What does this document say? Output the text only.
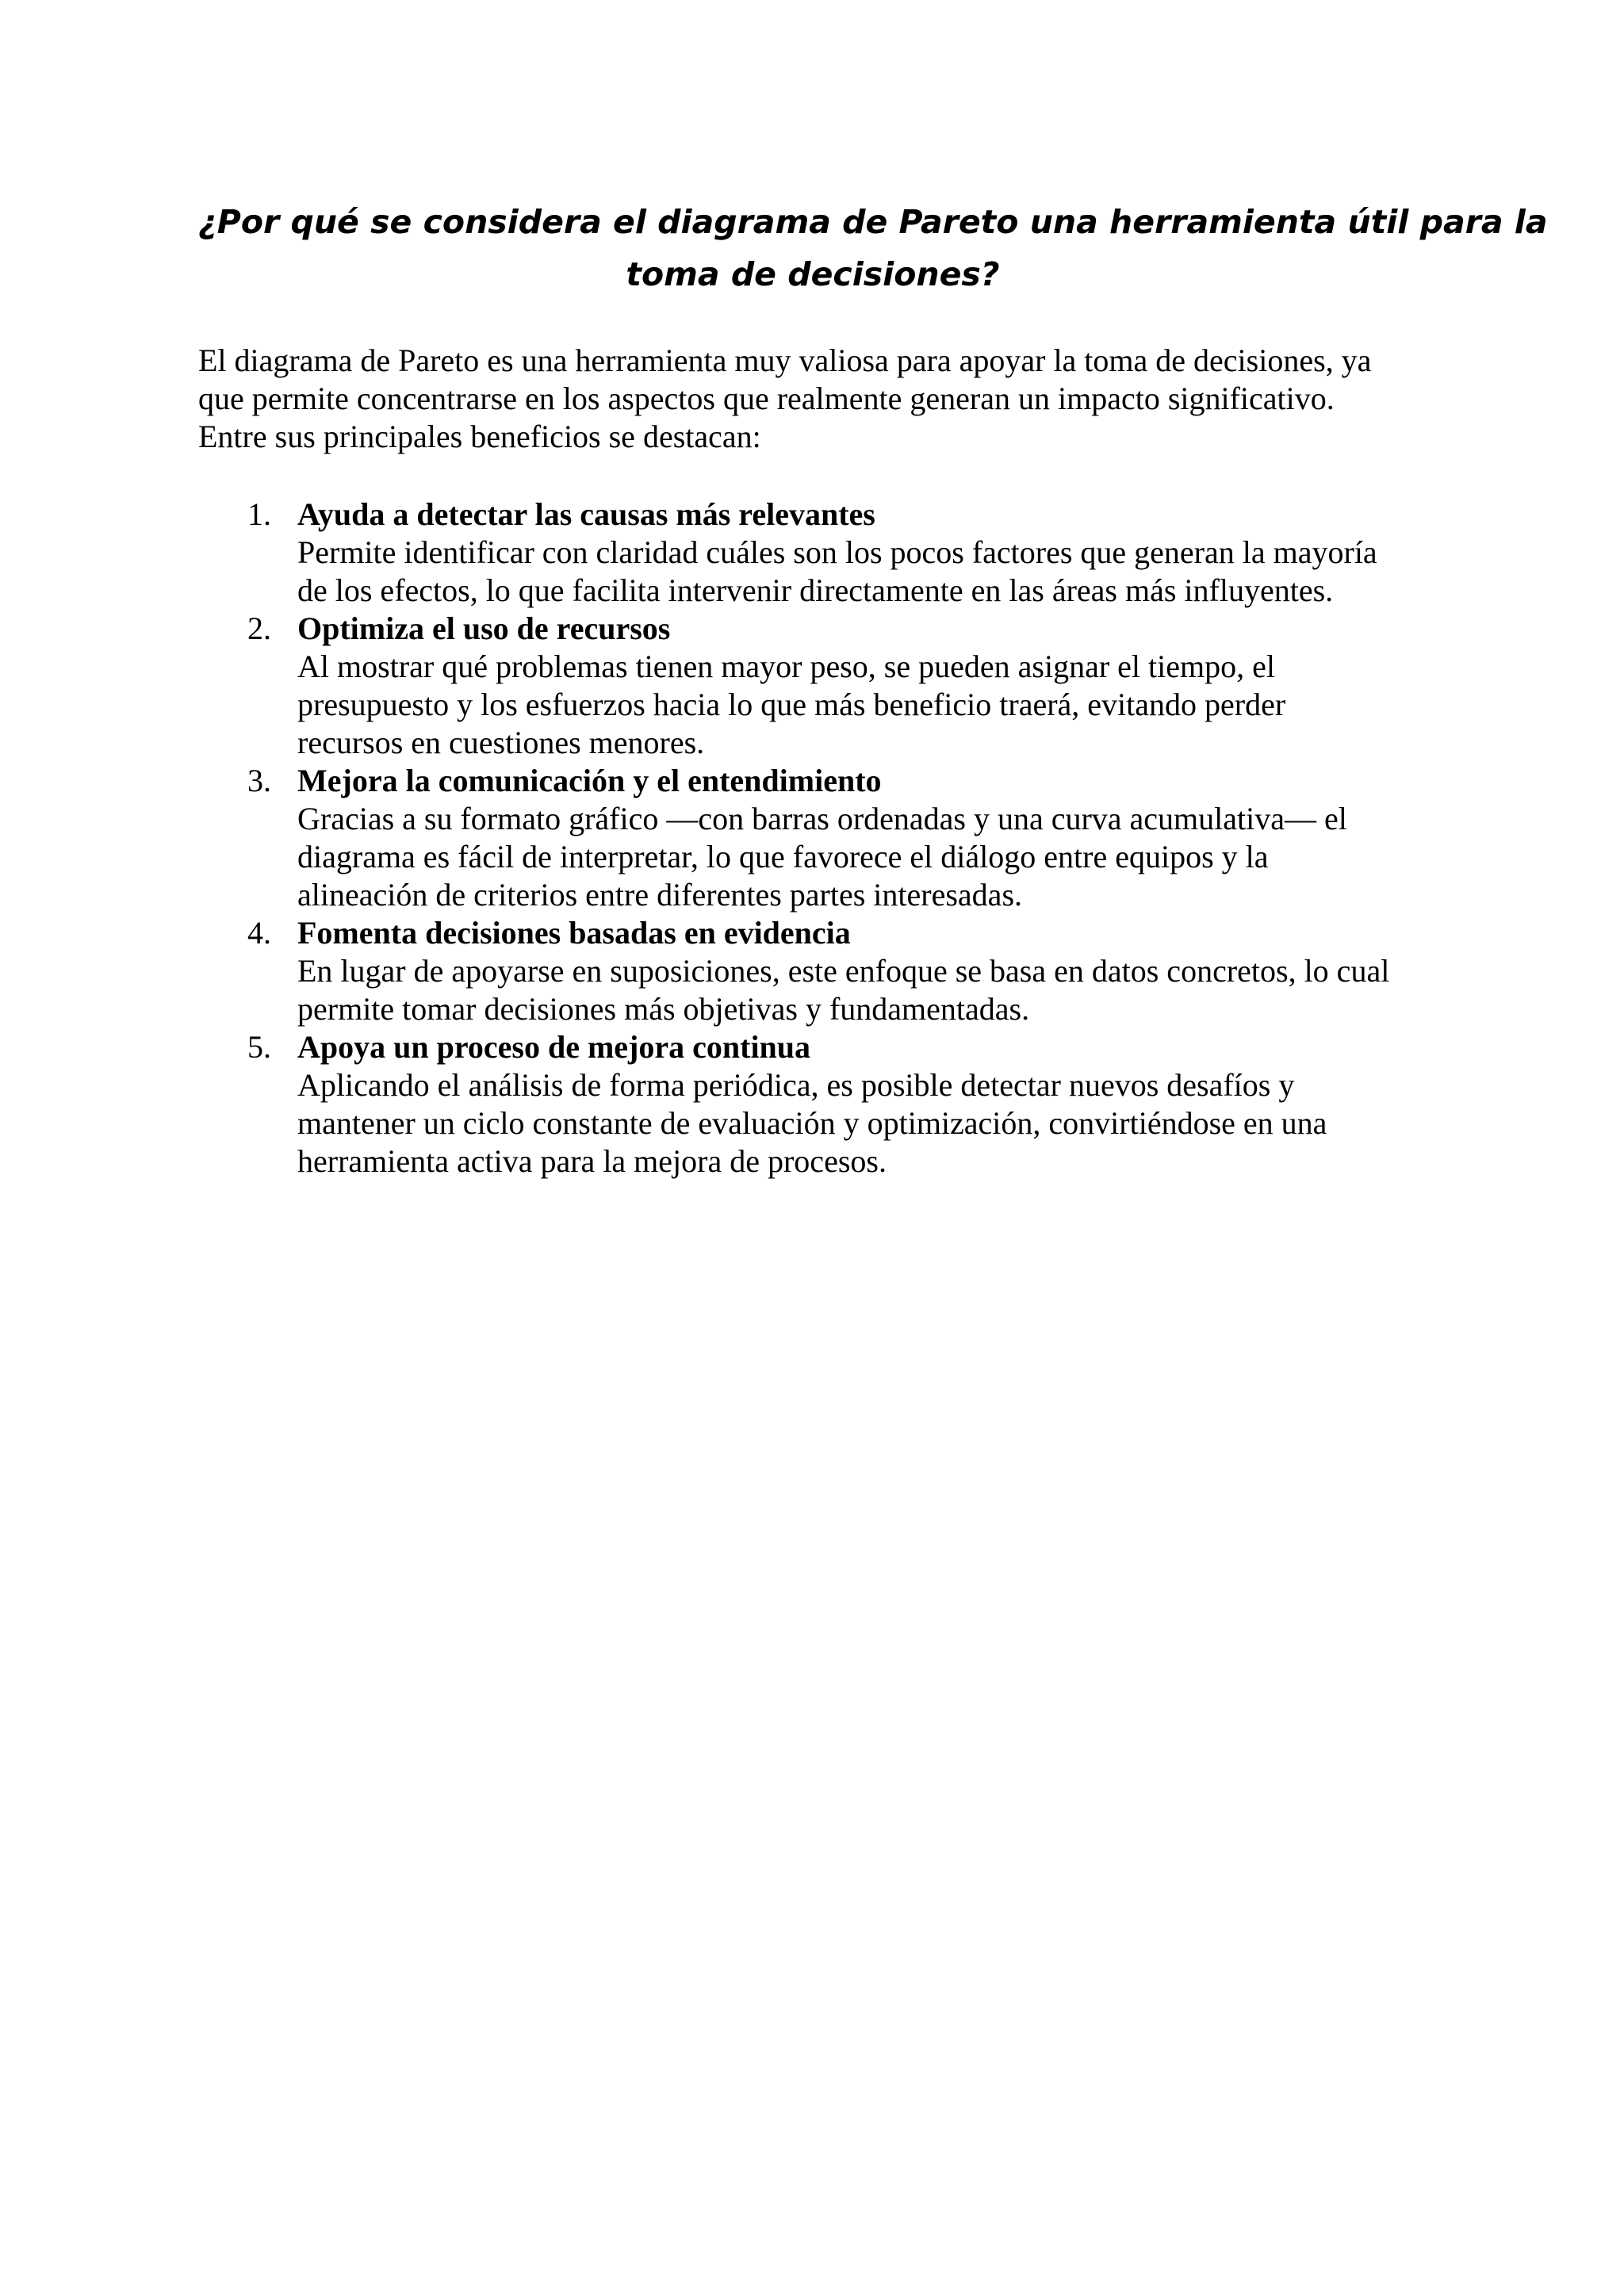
¿Por qué se considera el diagrama de Pareto una herramienta útil para la
toma de decisiones?

El diagrama de Pareto es una herramienta muy valiosa para apoyar la toma de decisiones, ya
que permite concentrarse en los aspectos que realmente generan un impacto significativo.
Entre sus principales beneficios se destacan:

1. Ayuda a detectar las causas más relevantes
Permite identificar con claridad cuáles son los pocos factores que generan la mayoría
de los efectos, lo que facilita intervenir directamente en las áreas más influyentes.
2. Optimiza el uso de recursos
Al mostrar qué problemas tienen mayor peso, se pueden asignar el tiempo, el
presupuesto y los esfuerzos hacia lo que más beneficio traerá, evitando perder
recursos en cuestiones menores.
3. Mejora la comunicación y el entendimiento
Gracias a su formato gráfico —con barras ordenadas y una curva acumulativa— el
diagrama es fácil de interpretar, lo que favorece el diálogo entre equipos y la
alineación de criterios entre diferentes partes interesadas.
4. Fomenta decisiones basadas en evidencia
En lugar de apoyarse en suposiciones, este enfoque se basa en datos concretos, lo cual
permite tomar decisiones más objetivas y fundamentadas.
5. Apoya un proceso de mejora continua
Aplicando el análisis de forma periódica, es posible detectar nuevos desafíos y
mantener un ciclo constante de evaluación y optimización, convirtiéndose en una
herramienta activa para la mejora de procesos.
